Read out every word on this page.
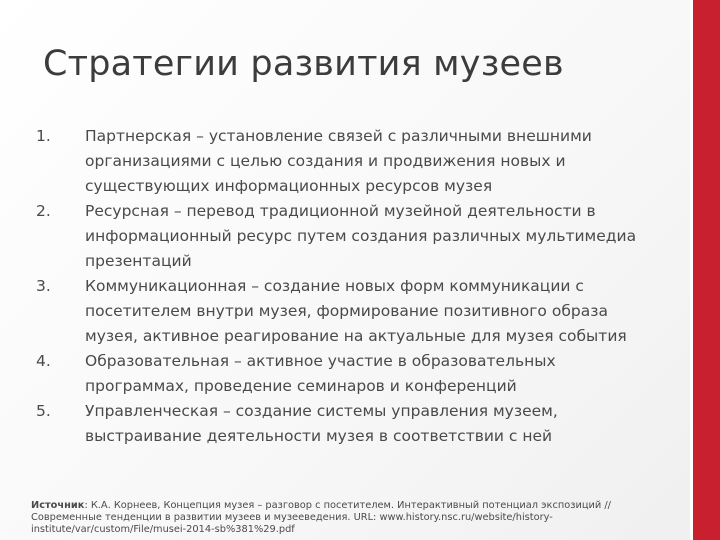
Стратегии развития музеев
1.	Партнерская – установление связей с различными внешними организациями с целью создания и продвижения новых и существующих информационных ресурсов музея
2.	Ресурсная – перевод традиционной музейной деятельности в информационный ресурс путем создания различных мультимедиа презентаций
3.	Коммуникационная – создание новых форм коммуникации с посетителем внутри музея, формирование позитивного образа музея, активное реагирование на актуальные для музея события
4.	Образовательная – активное участие в образовательных программах, проведение семинаров и конференций
5.	Управленческая – создание системы управления музеем, выстраивание деятельности музея в соответствии с ней
Источник: К.А. Корнеев, Концепция музея – разговор с посетителем. Интерактивный потенциал экспозиций // Современные тенденции в развитии музеев и музееведения. URL: www.history.nsc.ru/website/history-institute/var/custom/File/musei-2014-sb%381%29.pdf
